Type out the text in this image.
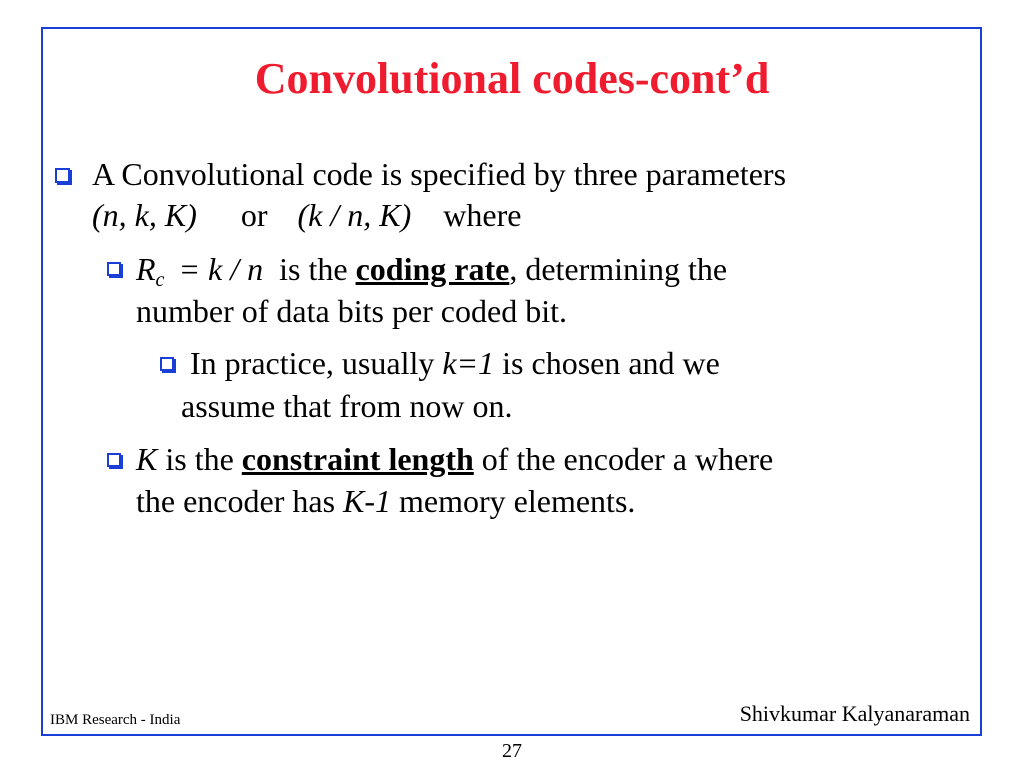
Convolutional codes-cont’d
A Convolutional code is specified by three parameters
(n, k, K) or (k / n, K) where
$R_c = k / n$ is the coding rate, determining the
number of data bits per coded bit.
In practice, usually k=1 is chosen and we
assume that from now on.
K is the constraint length of the encoder a where
the encoder has K-1 memory elements.
IBM Research - India	Shivkumar Kalyanaraman
27
